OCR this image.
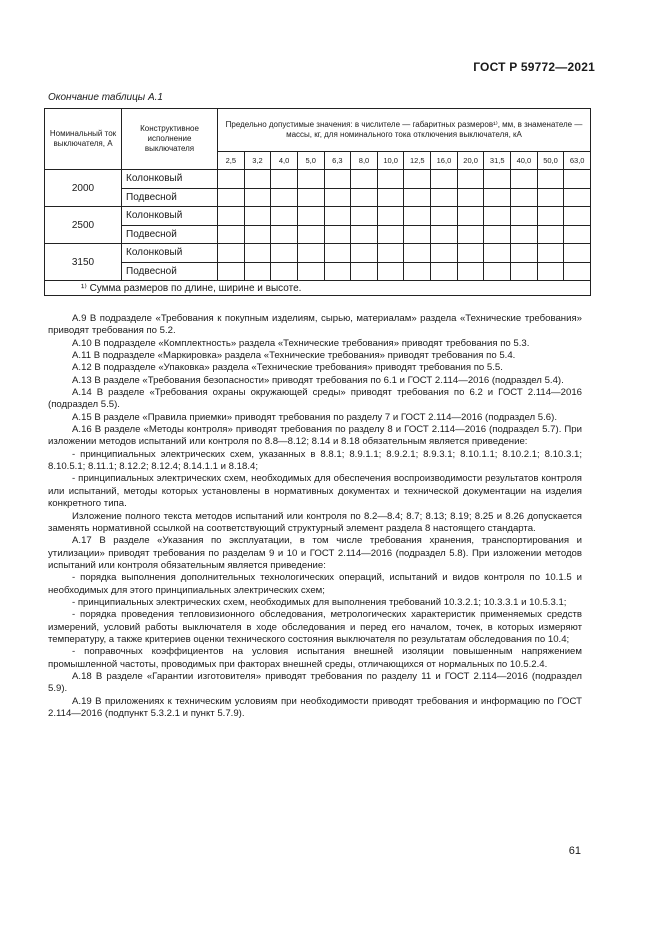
ГОСТ Р 59772—2021
Окончание таблицы А.1
Номинальный ток выключателя, А	Конструктивное исполнение выключателя	Предельно допустимые значения: в числителе — габаритных размеров¹⁾, мм, в знаменателе — массы, кг, для номинального тока отключения выключателя, кА													
		2,5	3,2	4,0	5,0	6,3	8,0	10,0	12,5	16,0	20,0	31,5	40,0	50,0	63,0
2000	Колонковый														
	Подвесной														
2500	Колонковый														
	Подвесной														
3150	Колонковый														
	Подвесной														
¹⁾ Сумма размеров по длине, ширине и высоте.															

А.9 В подразделе «Требования к покупным изделиям, сырью, материалам» раздела «Технические требования» приводят требования по 5.2.

А.10 В подразделе «Комплектность» раздела «Технические требования» приводят требования по 5.3.

А.11 В подразделе «Маркировка» раздела «Технические требования» приводят требования по 5.4.

А.12 В подразделе «Упаковка» раздела «Технические требования» приводят требования по 5.5.

А.13 В разделе «Требования безопасности» приводят требования по 6.1 и ГОСТ 2.114—2016 (подраздел 5.4).

А.14 В разделе «Требования охраны окружающей среды» приводят требования по 6.2 и ГОСТ 2.114—2016 (подраздел 5.5).

А.15 В разделе «Правила приемки» приводят требования по разделу 7 и ГОСТ 2.114—2016 (подраздел 5.6).

А.16 В разделе «Методы контроля» приводят требования по разделу 8 и ГОСТ 2.114—2016 (подраздел 5.7). При изложении методов испытаний или контроля по 8.8—8.12; 8.14 и 8.18 обязательным является приведение:

- принципиальных электрических схем, указанных в 8.8.1; 8.9.1.1; 8.9.2.1; 8.9.3.1; 8.10.1.1; 8.10.2.1; 8.10.3.1; 8.10.5.1; 8.11.1; 8.12.2; 8.12.4; 8.14.1.1 и 8.18.4;

- принципиальных электрических схем, необходимых для обеспечения воспроизводимости результатов контроля или испытаний, методы которых установлены в нормативных документах и технической документации на изделия конкретного типа.

Изложение полного текста методов испытаний или контроля по 8.2—8.4; 8.7; 8.13; 8.19; 8.25 и 8.26 допускается заменять нормативной ссылкой на соответствующий структурный элемент раздела 8 настоящего стандарта.

А.17 В разделе «Указания по эксплуатации, в том числе требования хранения, транспортирования и утилизации» приводят требования по разделам 9 и 10 и ГОСТ 2.114—2016 (подраздел 5.8). При изложении методов испытаний или контроля обязательным является приведение:

- порядка выполнения дополнительных технологических операций, испытаний и видов контроля по 10.1.5 и необходимых для этого принципиальных электрических схем;

- принципиальных электрических схем, необходимых для выполнения требований 10.3.2.1; 10.3.3.1 и 10.5.3.1;

- порядка проведения тепловизионного обследования, метрологических характеристик применяемых средств измерений, условий работы выключателя в ходе обследования и перед его началом, точек, в которых измеряют температуру, а также критериев оценки технического состояния выключателя по результатам обследования по 10.4;

- поправочных коэффициентов на условия испытания внешней изоляции повышенным напряжением промышленной частоты, проводимых при факторах внешней среды, отличающихся от нормальных по 10.5.2.4.

А.18 В разделе «Гарантии изготовителя» приводят требования по разделу 11 и ГОСТ 2.114—2016 (подраздел 5.9).

А.19 В приложениях к техническим условиям при необходимости приводят требования и информацию по ГОСТ 2.114—2016 (подпункт 5.3.2.1 и пункт 5.7.9).

61
